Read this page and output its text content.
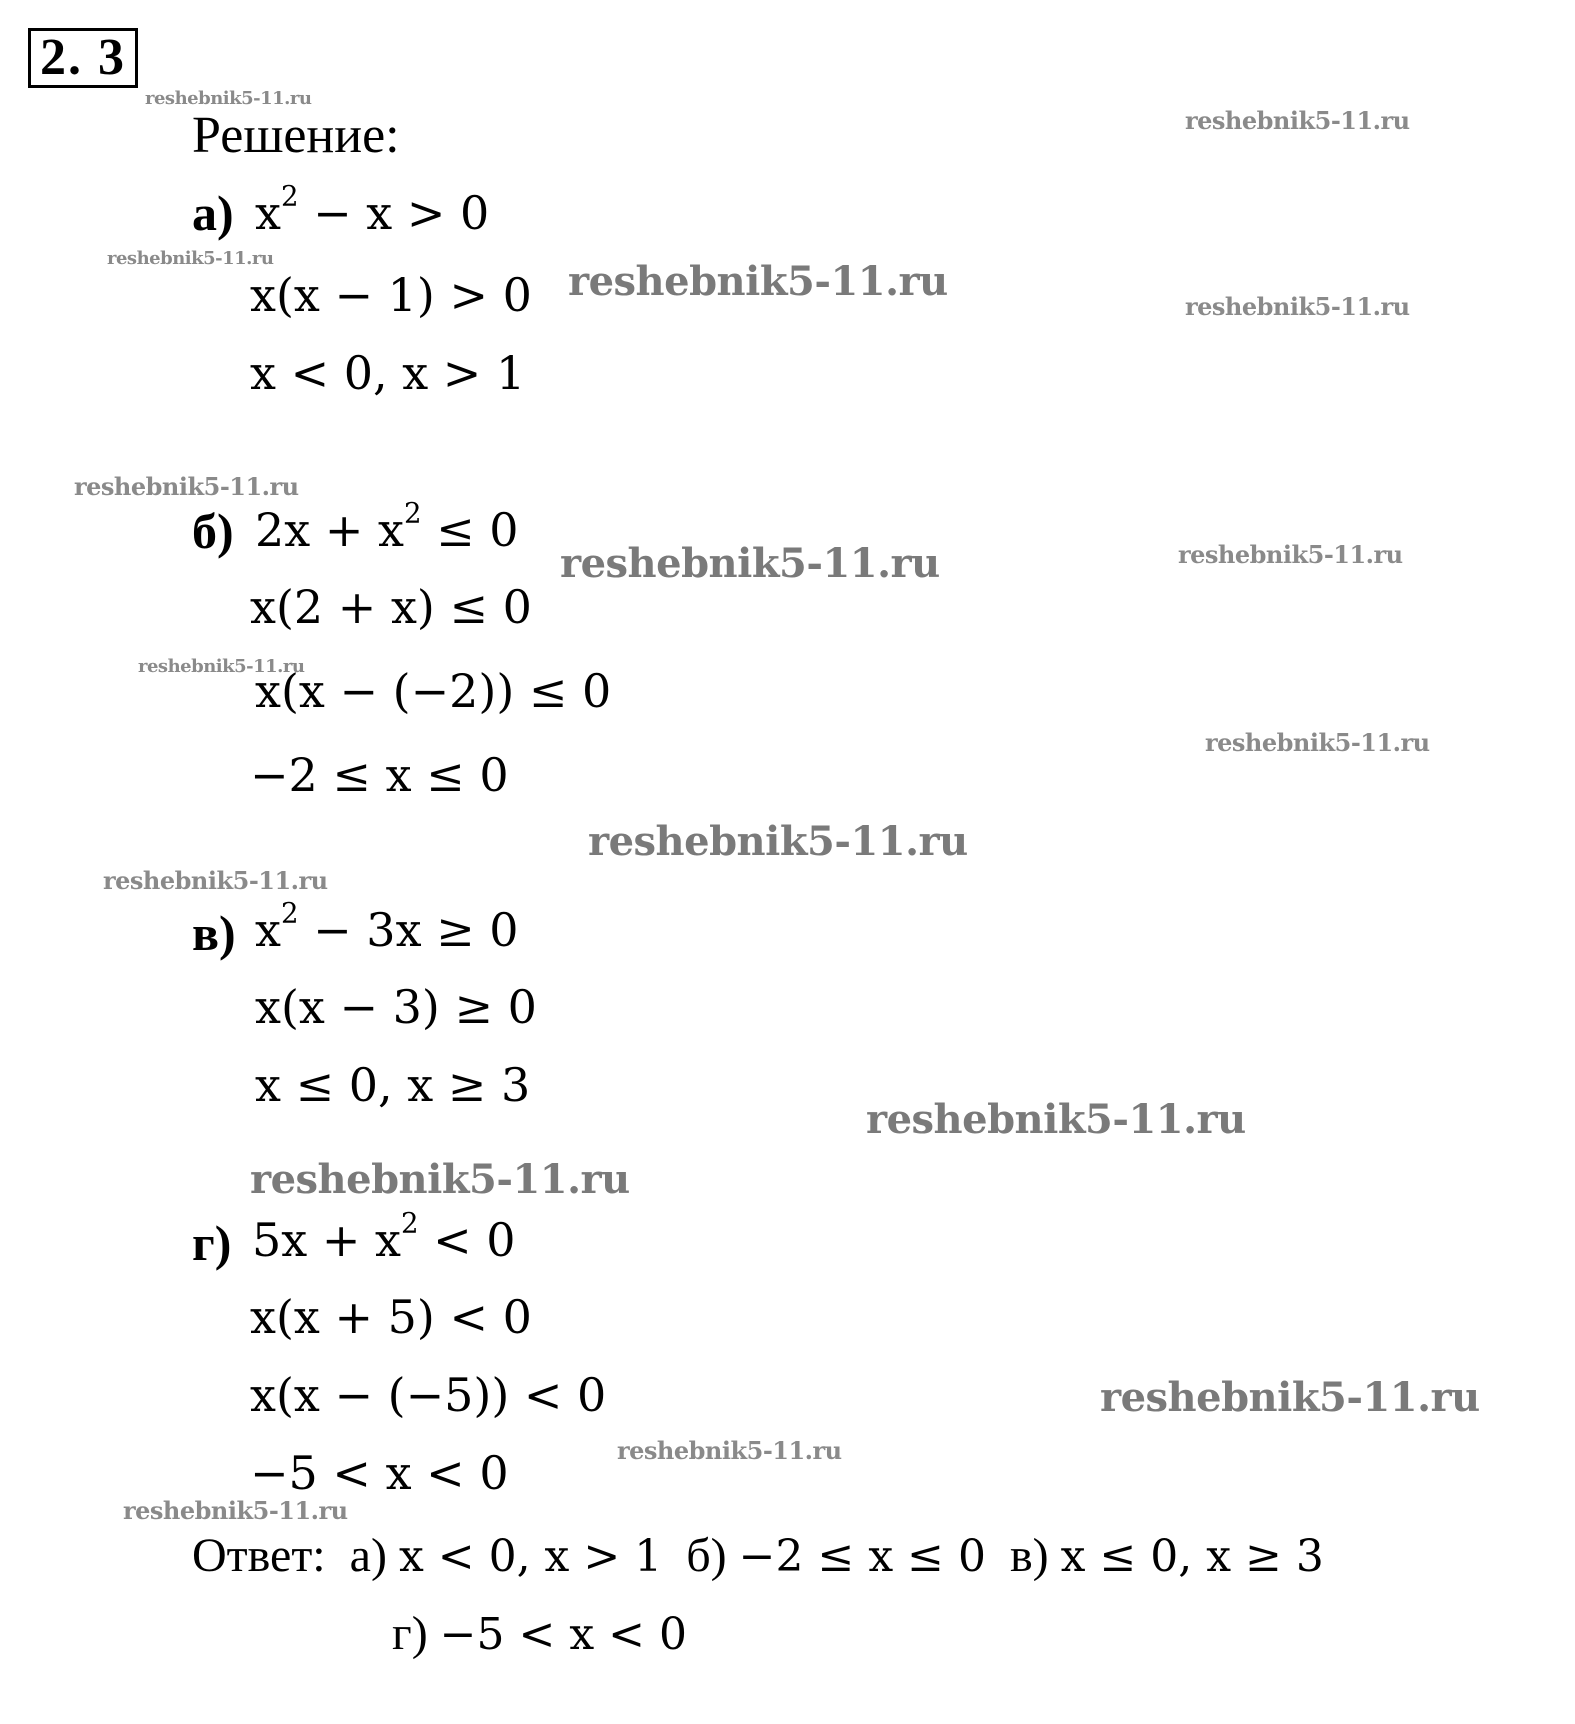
2. 3
Решение:
а) $x^2 - x > 0$
x(x − 1) > 0
x < 0, x > 1
б) $2x + x^2 \le 0$
x(2 + x) ≤ 0
x(x − (−2)) ≤ 0
−2 ≤ x ≤ 0
в) $x^2 - 3x \ge 0$
x(x − 3) ≥ 0
x ≤ 0, x ≥ 3
г) $5x + x^2 < 0$
x(x + 5) < 0
x(x − (−5)) < 0
−5 < x < 0
Ответ: а) x < 0, x > 1 б) −2 ≤ x ≤ 0 в) x ≤ 0, x ≥ 3
г) −5 < x < 0
reshebnik5-11.ru
reshebnik5-11.ru
reshebnik5-11.ru	reshebnik5-11.ru
reshebnik5-11.ru
reshebnik5-11.ru
reshebnik5-11.ru	reshebnik5-11.ru
reshebnik5-11.ru
reshebnik5-11.ru
reshebnik5-11.ru
reshebnik5-11.ru
reshebnik5-11.ru
reshebnik5-11.ru
reshebnik5-11.ru
reshebnik5-11.ru
reshebnik5-11.ru
